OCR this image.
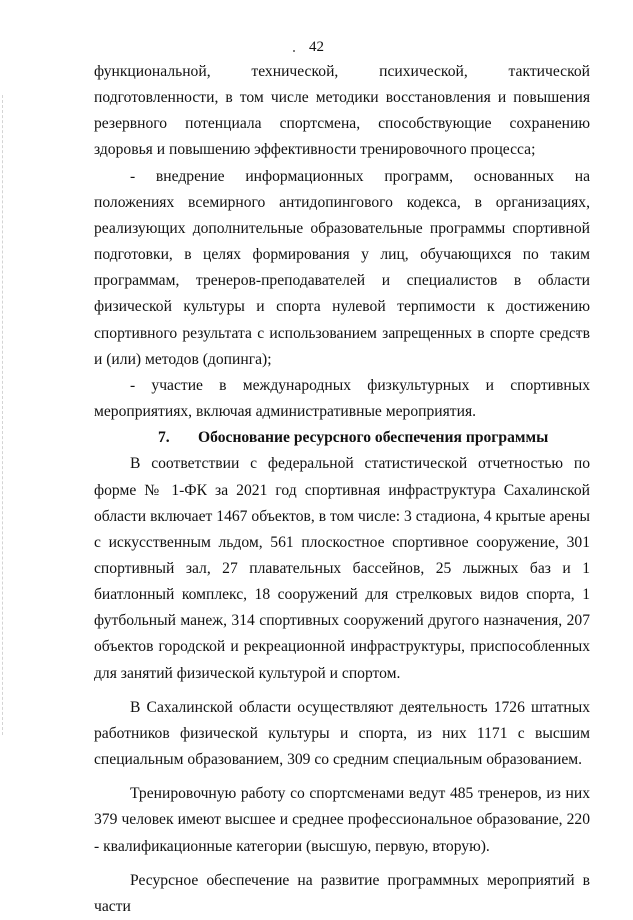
42

функциональной, технической, психической, тактической подготовленности, в том числе методики восстановления и повышения резервного потенциала спортсмена, способствующие сохранению здоровья и повышению эффективности тренировочного процесса;

- внедрение информационных программ, основанных на положениях всемирного антидопингового кодекса, в организациях, реализующих дополнительные образовательные программы спортивной подготовки, в целях формирования у лиц, обучающихся по таким программам, тренеров-преподавателей и специалистов в области физической культуры и спорта нулевой терпимости к достижению спортивного результата с использованием запрещенных в спорте средств и (или) методов (допинга);

- участие в международных физкультурных и спортивных мероприятиях, включая административные мероприятия.

7. Обоснование ресурсного обеспечения программы

В соответствии с федеральной статистической отчетностью по форме № 1-ФК за 2021 год спортивная инфраструктура Сахалинской области включает 1467 объектов, в том числе: 3 стадиона, 4 крытые арены с искусственным льдом, 561 плоскостное спортивное сооружение, 301 спортивный зал, 27 плавательных бассейнов, 25 лыжных баз и 1 биатлонный комплекс, 18 сооружений для стрелковых видов спорта, 1 футбольный манеж, 314 спортивных сооружений другого назначения, 207 объектов городской и рекреационной инфраструктуры, приспособленных для занятий физической культурой и спортом.

В Сахалинской области осуществляют деятельность 1726 штатных работников физической культуры и спорта, из них 1171 с высшим специальным образованием, 309 со средним специальным образованием.

Тренировочную работу со спортсменами ведут 485 тренеров, из них 379 человек имеют высшее и среднее профессиональное образование, 220 - квалификационные категории (высшую, первую, вторую).

Ресурсное обеспечение на развитие программных мероприятий в части
